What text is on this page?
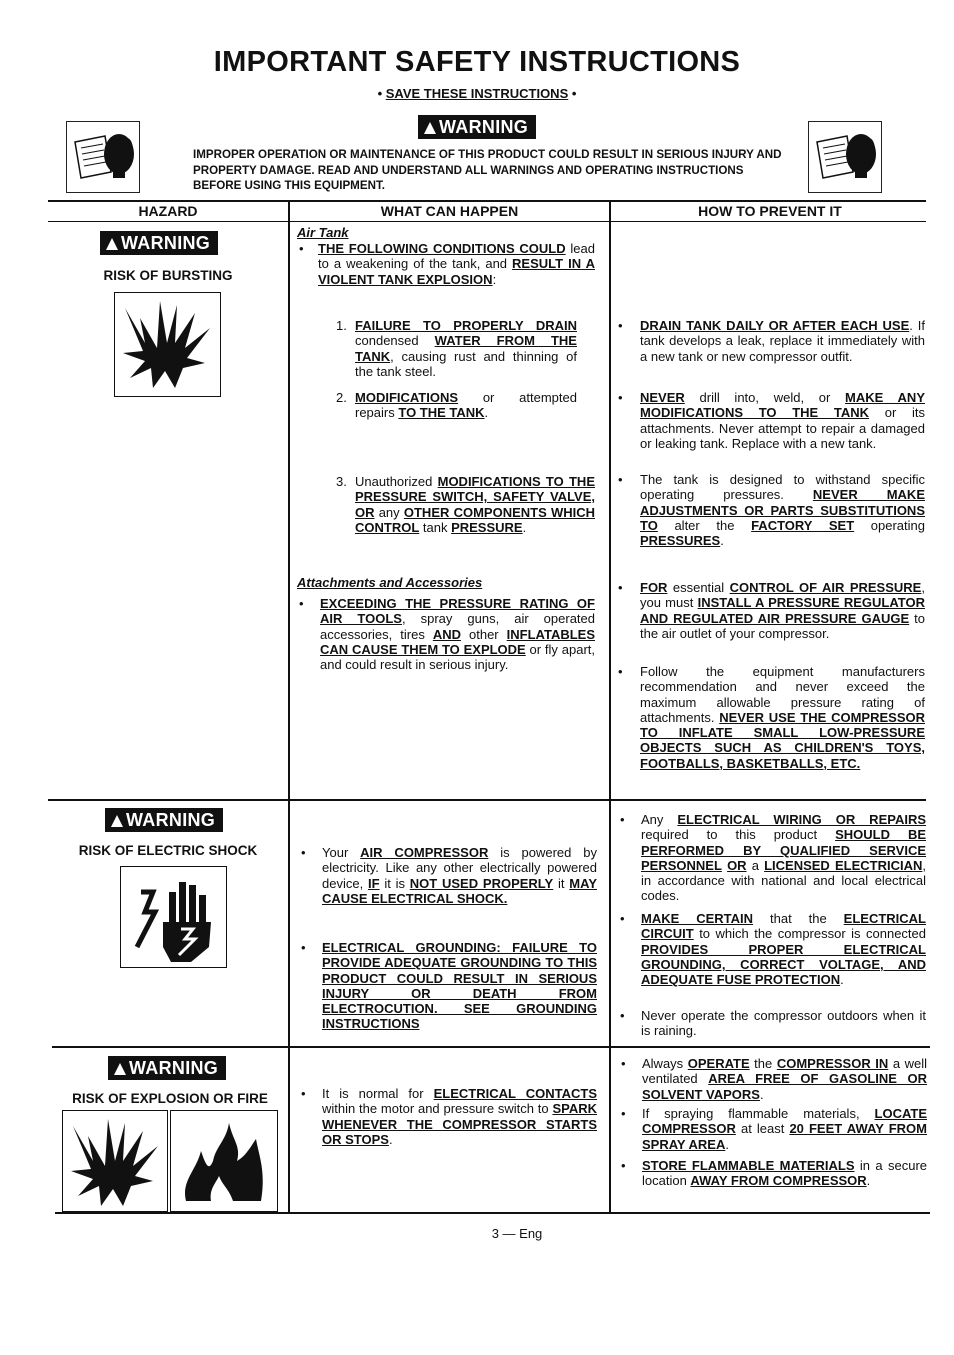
IMPORTANT SAFETY INSTRUCTIONS
• SAVE THESE INSTRUCTIONS •
WARNING
IMPROPER OPERATION OR MAINTENANCE OF THIS PRODUCT COULD RESULT IN SERIOUS INJURY AND PROPERTY DAMAGE. READ AND UNDERSTAND ALL WARNINGS AND OPERATING INSTRUCTIONS BEFORE USING THIS EQUIPMENT.
HAZARD	WHAT CAN HAPPEN	HOW TO PREVENT IT
WARNING
RISK OF BURSTING
WARNING
RISK OF ELECTRIC SHOCK
WARNING
RISK OF EXPLOSION OR FIRE
Air Tank
• THE FOLLOWING CONDITIONS COULD lead to a weakening of the tank, and RESULT IN A VIOLENT TANK EXPLOSION:
1. FAILURE TO PROPERLY DRAIN condensed WATER FROM THE TANK, causing rust and thinning of the tank steel.
2. MODIFICATIONS or attempted repairs TO THE TANK.
3. Unauthorized MODIFICATIONS TO THE PRESSURE SWITCH, SAFETY VALVE, OR any OTHER COMPONENTS WHICH CONTROL tank PRESSURE.
Attachments and Accessories
• EXCEEDING THE PRESSURE RATING OF AIR TOOLS, spray guns, air operated accessories, tires AND other INFLATABLES CAN CAUSE THEM TO EXPLODE or fly apart, and could result in serious injury.
• Your AIR COMPRESSOR is powered by electricity. Like any other electrically powered device, IF it is NOT USED PROPERLY it MAY CAUSE ELECTRICAL SHOCK.
• ELECTRICAL GROUNDING: FAILURE TO PROVIDE ADEQUATE GROUNDING TO THIS PRODUCT COULD RESULT IN SERIOUS INJURY OR DEATH FROM ELECTROCUTION. SEE GROUNDING INSTRUCTIONS
• It is normal for ELECTRICAL CONTACTS within the motor and pressure switch to SPARK WHENEVER THE COMPRESSOR STARTS OR STOPS.
• DRAIN TANK DAILY OR AFTER EACH USE. If tank develops a leak, replace it immediately with a new tank or new compressor outfit.
• NEVER drill into, weld, or MAKE ANY MODIFICATIONS TO THE TANK or its attachments. Never attempt to repair a damaged or leaking tank. Replace with a new tank.
• The tank is designed to withstand specific operating pressures. NEVER MAKE ADJUSTMENTS OR PARTS SUBSTITUTIONS TO alter the FACTORY SET operating PRESSURES.
• FOR essential CONTROL OF AIR PRESSURE, you must INSTALL A PRESSURE REGULATOR AND REGULATED AIR PRESSURE GAUGE to the air outlet of your compressor.
• Follow the equipment manufacturers recommendation and never exceed the maximum allowable pressure rating of attachments. NEVER USE THE COMPRESSOR TO INFLATE SMALL LOW-PRESSURE OBJECTS SUCH AS CHILDREN'S TOYS, FOOTBALLS, BASKETBALLS, ETC.
• Any ELECTRICAL WIRING OR REPAIRS required to this product SHOULD BE PERFORMED BY QUALIFIED SERVICE PERSONNEL OR a LICENSED ELECTRICIAN, in accordance with national and local electrical codes.
• MAKE CERTAIN that the ELECTRICAL CIRCUIT to which the compressor is connected PROVIDES PROPER ELECTRICAL GROUNDING, CORRECT VOLTAGE, AND ADEQUATE FUSE PROTECTION.
• Never operate the compressor outdoors when it is raining.
• Always OPERATE the COMPRESSOR IN a well ventilated AREA FREE OF GASOLINE OR SOLVENT VAPORS.
• If spraying flammable materials, LOCATE COMPRESSOR at least 20 FEET AWAY FROM SPRAY AREA.
• STORE FLAMMABLE MATERIALS in a secure location AWAY FROM COMPRESSOR.
3 — Eng
